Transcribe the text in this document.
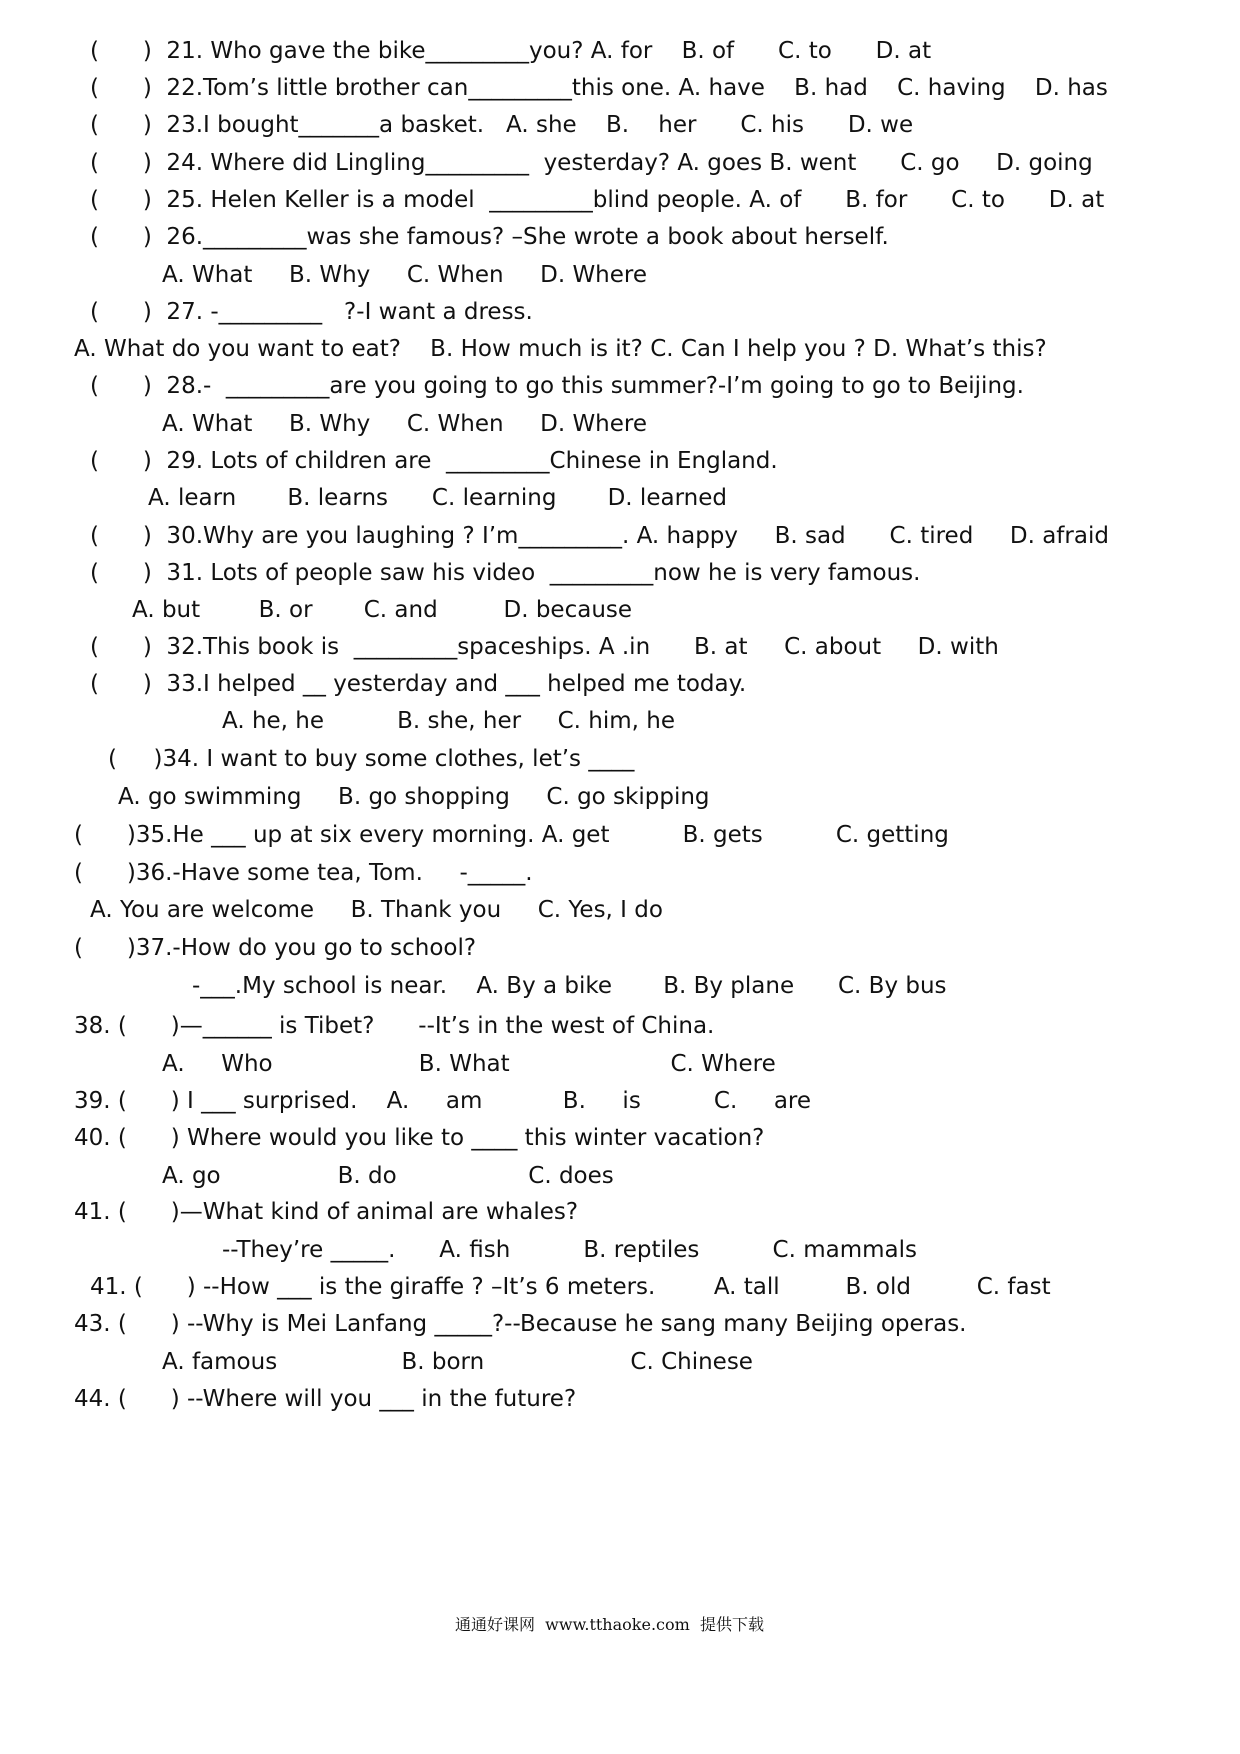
(      )  21. Who gave the bike_________you? A. for    B. of      C. to      D. at
(      )  22.Tom’s little brother can_________this one. A. have    B. had    C. having    D. has
(      )  23.I bought_______a basket.   A. she    B.    her      C. his      D. we
(      )  24. Where did Lingling_________  yesterday? A. goes B. went      C. go     D. going
(      )  25. Helen Keller is a model  _________blind people. A. of      B. for      C. to      D. at
(      )  26._________was she famous? –She wrote a book about herself.
A. What     B. Why     C. When     D. Where
(      )  27. -_________   ?-I want a dress.
A. What do you want to eat?    B. How much is it? C. Can I help you ? D. What’s this?
(      )  28.-  _________are you going to go this summer?-I’m going to go to Beijing.
A. What     B. Why     C. When     D. Where
(      )  29. Lots of children are  _________Chinese in England.
A. learn       B. learns      C. learning       D. learned
(      )  30.Why are you laughing ? I’m_________. A. happy     B. sad      C. tired     D. afraid
(      )  31. Lots of people saw his video  _________now he is very famous.
A. but        B. or       C. and         D. because
(      )  32.This book is  _________spaceships. A .in      B. at     C. about     D. with
(      )  33.I helped __ yesterday and ___ helped me today.
A. he, he          B. she, her     C. him, he
(     )34. I want to buy some clothes, let’s ____
A. go swimming     B. go shopping     C. go skipping
(      )35.He ___ up at six every morning. A. get          B. gets          C. getting
(      )36.-Have some tea, Tom.     -_____.
A. You are welcome     B. Thank you     C. Yes, I do
(      )37.-How do you go to school?
-___.My school is near.    A. By a bike       B. By plane      C. By bus
38. (      )—______ is Tibet?      --It’s in the west of China.
A.     Who                    B. What                      C. Where
39. (      ) I ___ surprised.    A.     am           B.     is          C.     are
40. (      ) Where would you like to ____ this winter vacation?
A. go                B. do                  C. does
41. (      )—What kind of animal are whales?
--They’re _____.      A. fish          B. reptiles          C. mammals
41. (      ) --How ___ is the giraffe ? –It’s 6 meters.        A. tall         B. old         C. fast
43. (      ) --Why is Mei Lanfang _____?--Because he sang many Beijing operas.
A. famous                 B. born                    C. Chinese
44. (      ) --Where will you ___ in the future?
通通好课网  www.tthaoke.com  提供下载
